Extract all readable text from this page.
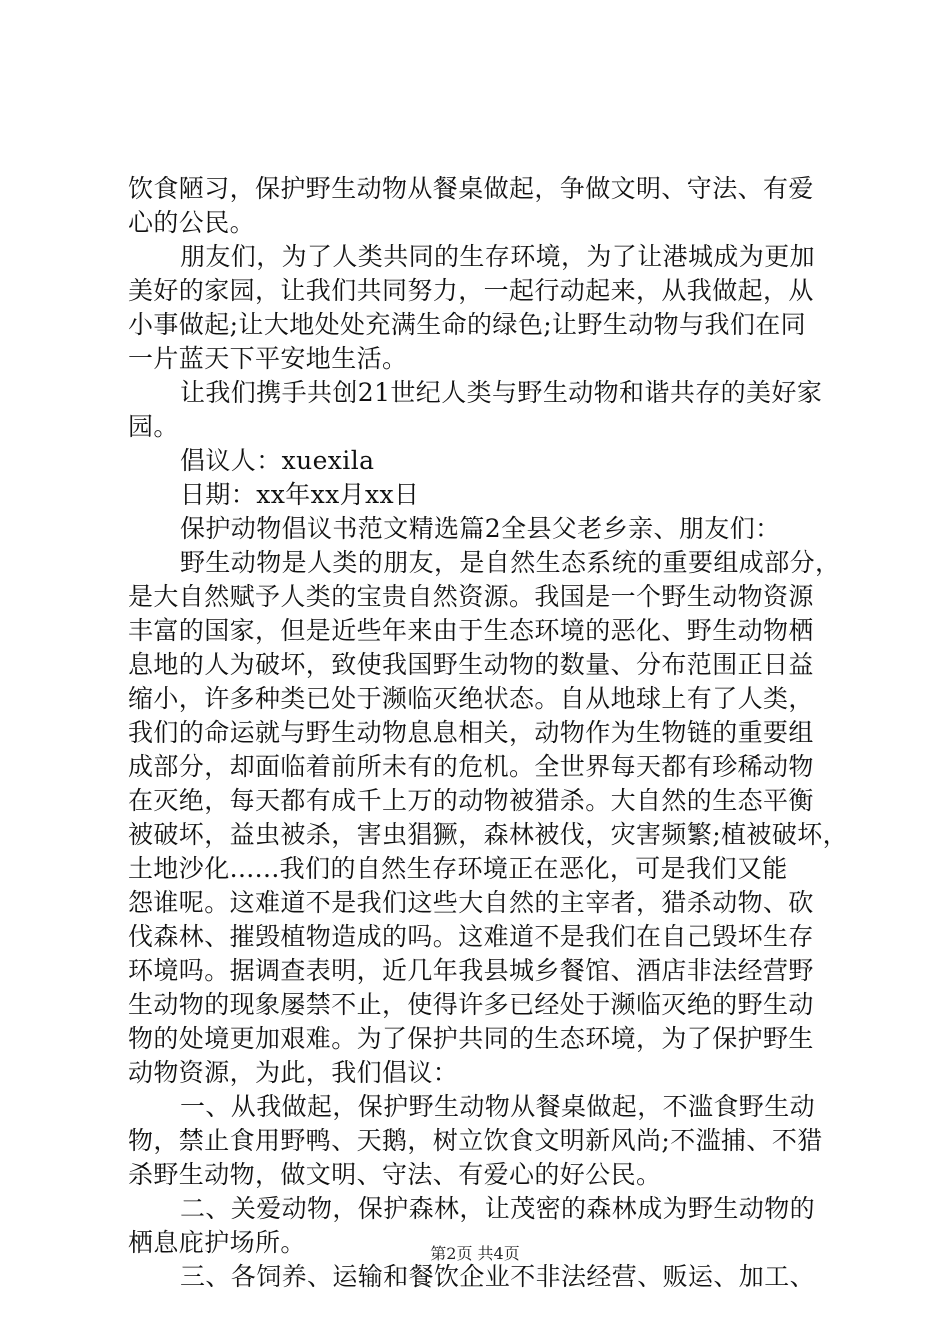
饮食陋习，保护野生动物从餐桌做起，争做文明、守法、有爱
心的公民。
朋友们，为了人类共同的生存环境，为了让港城成为更加
美好的家园，让我们共同努力，一起行动起来，从我做起，从
小事做起;让大地处处充满生命的绿色;让野生动物与我们在同
一片蓝天下平安地生活。
让我们携手共创21世纪人类与野生动物和谐共存的美好家
园。
倡议人：xuexila
日期：xx年xx月xx日
保护动物倡议书范文精选篇2全县父老乡亲、朋友们：
野生动物是人类的朋友，是自然生态系统的重要组成部分，
是大自然赋予人类的宝贵自然资源。我国是一个野生动物资源
丰富的国家，但是近些年来由于生态环境的恶化、野生动物栖
息地的人为破坏，致使我国野生动物的数量、分布范围正日益
缩小，许多种类已处于濒临灭绝状态。自从地球上有了人类，
我们的命运就与野生动物息息相关，动物作为生物链的重要组
成部分，却面临着前所未有的危机。全世界每天都有珍稀动物
在灭绝，每天都有成千上万的动物被猎杀。大自然的生态平衡
被破坏，益虫被杀，害虫猖獗，森林被伐，灾害频繁;植被破坏，
土地沙化......我们的自然生存环境正在恶化，可是我们又能
怨谁呢。这难道不是我们这些大自然的主宰者，猎杀动物、砍
伐森林、摧毁植物造成的吗。这难道不是我们在自己毁坏生存
环境吗。据调查表明，近几年我县城乡餐馆、酒店非法经营野
生动物的现象屡禁不止，使得许多已经处于濒临灭绝的野生动
物的处境更加艰难。为了保护共同的生态环境，为了保护野生
动物资源，为此，我们倡议：
一、从我做起，保护野生动物从餐桌做起，不滥食野生动
物，禁止食用野鸭、天鹅，树立饮食文明新风尚;不滥捕、不猎
杀野生动物，做文明、守法、有爱心的好公民。
二、关爱动物，保护森林，让茂密的森林成为野生动物的
栖息庇护场所。
三、各饲养、运输和餐饮企业不非法经营、贩运、加工、
第2页 共4页
